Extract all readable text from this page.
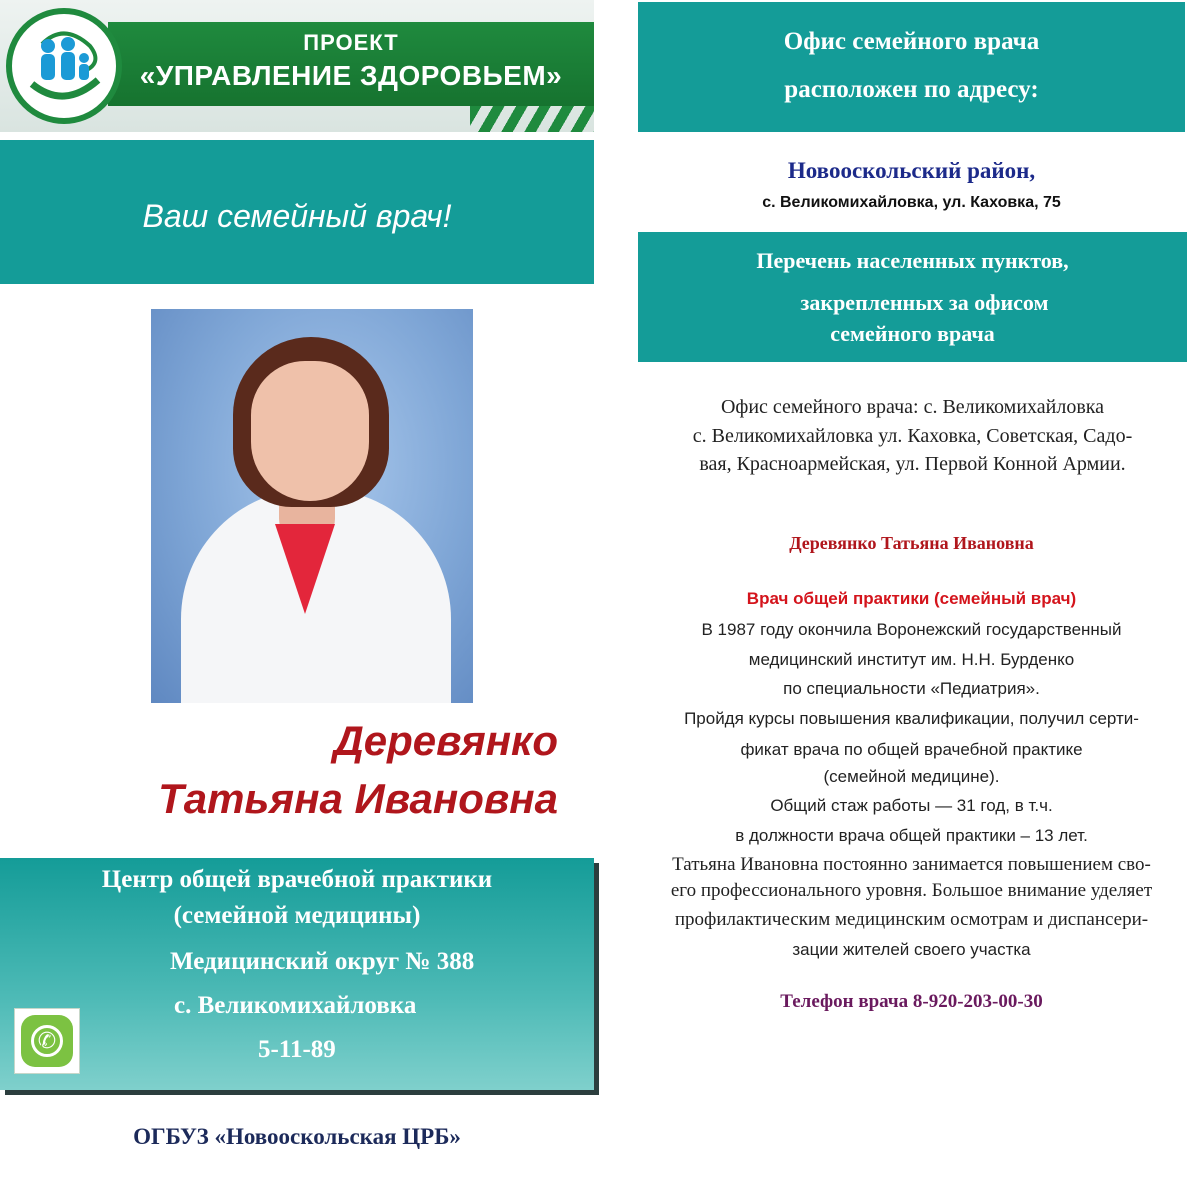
ПРОЕКТ
«УПРАВЛЕНИЕ ЗДОРОВЬЕМ»
Ваш семейный врач!
Деревянко
Татьяна Ивановна
Центр общей врачебной практики
(семейной медицины)
Медицинский округ № 388
с. Великомихайловка
5-11-89
✆
ОГБУЗ «Новооскольская ЦРБ»
Офис семейного врача
расположен по адресу:
Новооскольский район,
с. Великомихайловка, ул. Каховка, 75
Перечень населенных пунктов,
закрепленных за офисом
семейного врача
Офис семейного врача: с. Великомихайловка
с. Великомихайловка ул. Каховка, Советская, Садо-
вая, Красноармейская, ул. Первой Конной Армии.
Деревянко Татьяна Ивановна
Врач общей практики (семейный врач)
В 1987 году окончила Воронежский государственный
медицинский институт им. Н.Н. Бурденко
по специальности «Педиатрия».
Пройдя курсы повышения квалификации, получил серти-
фикат врача по общей врачебной практике
(семейной медицине).
Общий стаж работы — 31 год, в т.ч.
в должности врача общей практики – 13 лет.
Татьяна Ивановна постоянно занимается повышением сво-
его профессионального уровня. Большое внимание уделяет
профилактическим медицинским осмотрам и диспансери-
зации жителей своего участка
Телефон врача 8-920-203-00-30
